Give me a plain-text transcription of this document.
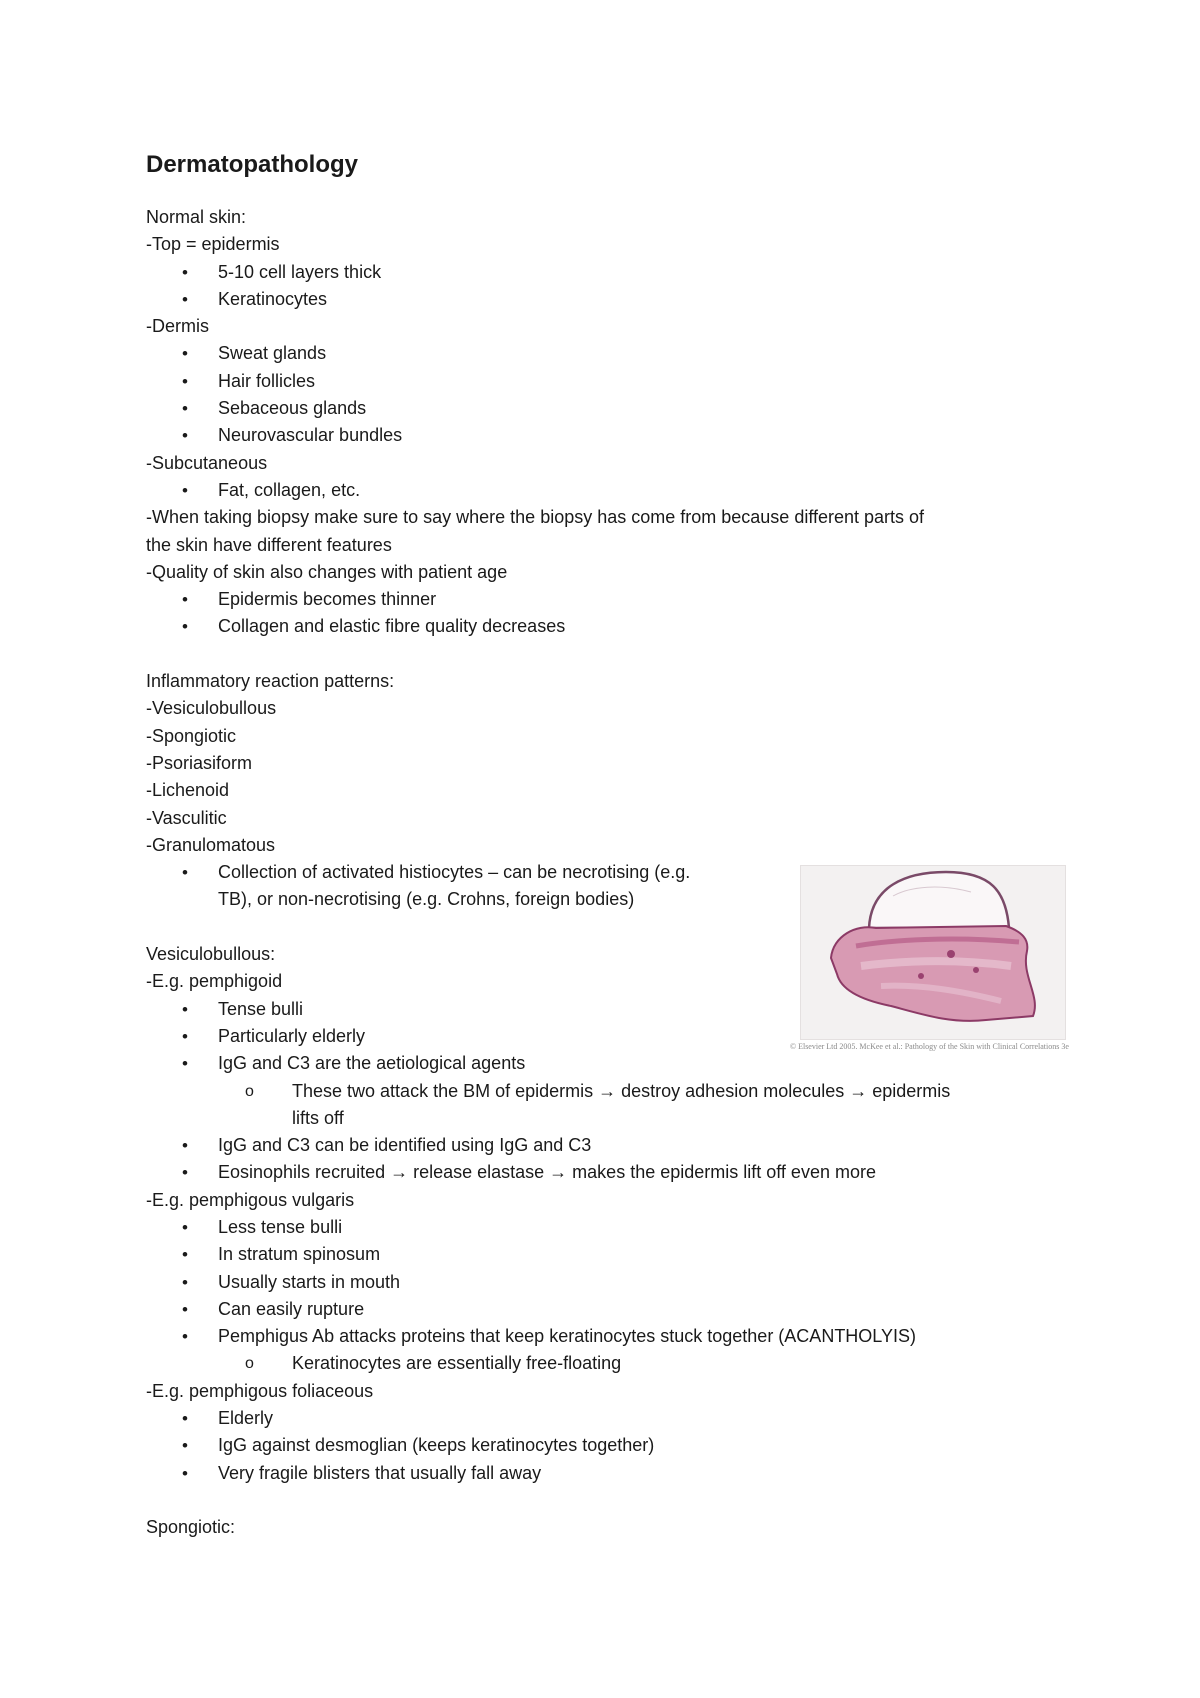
Dermatopathology
Normal skin:
-Top = epidermis
• 5-10 cell layers thick
• Keratinocytes
-Dermis
• Sweat glands
• Hair follicles
• Sebaceous glands
• Neurovascular bundles
-Subcutaneous
• Fat, collagen, etc.
-When taking biopsy make sure to say where the biopsy has come from because different parts of
the skin have different features
-Quality of skin also changes with patient age
• Epidermis becomes thinner
• Collagen and elastic fibre quality decreases
Inflammatory reaction patterns:
-Vesiculobullous
-Spongiotic
-Psoriasiform
-Lichenoid
-Vasculitic
-Granulomatous
• Collection of activated histiocytes – can be necrotising (e.g.
TB), or non-necrotising (e.g. Crohns, foreign bodies)
Vesiculobullous:
-E.g. pemphigoid
• Tense bulli
• Particularly elderly
• IgG and C3 are the aetiological agents
o These two attack the BM of epidermis → destroy adhesion molecules → epidermis
lifts off
• IgG and C3 can be identified using IgG and C3
• Eosinophils recruited → release elastase → makes the epidermis lift off even more
-E.g. pemphigous vulgaris
• Less tense bulli
• In stratum spinosum
• Usually starts in mouth
• Can easily rupture
• Pemphigus Ab attacks proteins that keep keratinocytes stuck together (ACANTHOLYIS)
o Keratinocytes are essentially free-floating
-E.g. pemphigous foliaceous
• Elderly
• IgG against desmoglian (keeps keratinocytes together)
• Very fragile blisters that usually fall away
Spongiotic:
© Elsevier Ltd 2005. McKee et al.: Pathology of the Skin with Clinical Correlations 3e
